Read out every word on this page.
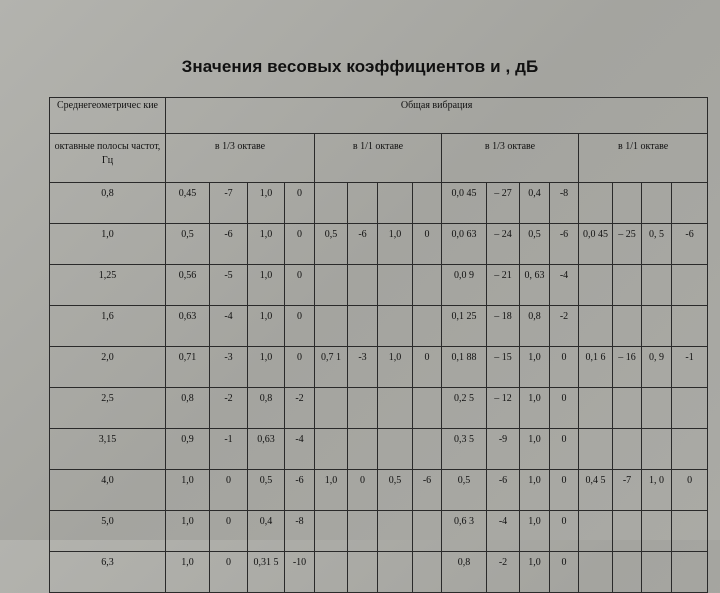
Значения весовых коэффициентов и , дБ
Среднегеометричес кие	Общая вибрация															
октавные полосы частот, Гц	в 1/3 октаве				в 1/1 октаве				в 1/3 октаве				в 1/1 октаве			
0,8	0,45	-7	1,0	0					0,0 45	– 27	0,4	-8				
1,0	0,5	-6	1,0	0	0,5	-6	1,0	0	0,0 63	– 24	0,5	-6	0,0 45	– 25	0, 5	-6
1,25	0,56	-5	1,0	0					0,0 9	– 21	0, 63	-4				
1,6	0,63	-4	1,0	0					0,1 25	– 18	0,8	-2				
2,0	0,71	-3	1,0	0	0,7 1	-3	1,0	0	0,1 88	– 15	1,0	0	0,1 6	– 16	0, 9	-1
2,5	0,8	-2	0,8	-2					0,2 5	– 12	1,0	0				
3,15	0,9	-1	0,63	-4					0,3 5	-9	1,0	0				
4,0	1,0	0	0,5	-6	1,0	0	0,5	-6	0,5	-6	1,0	0	0,4 5	-7	1, 0	0
5,0	1,0	0	0,4	-8					0,6 3	-4	1,0	0				
6,3	1,0	0	0,31 5	-10					0,8	-2	1,0	0				
